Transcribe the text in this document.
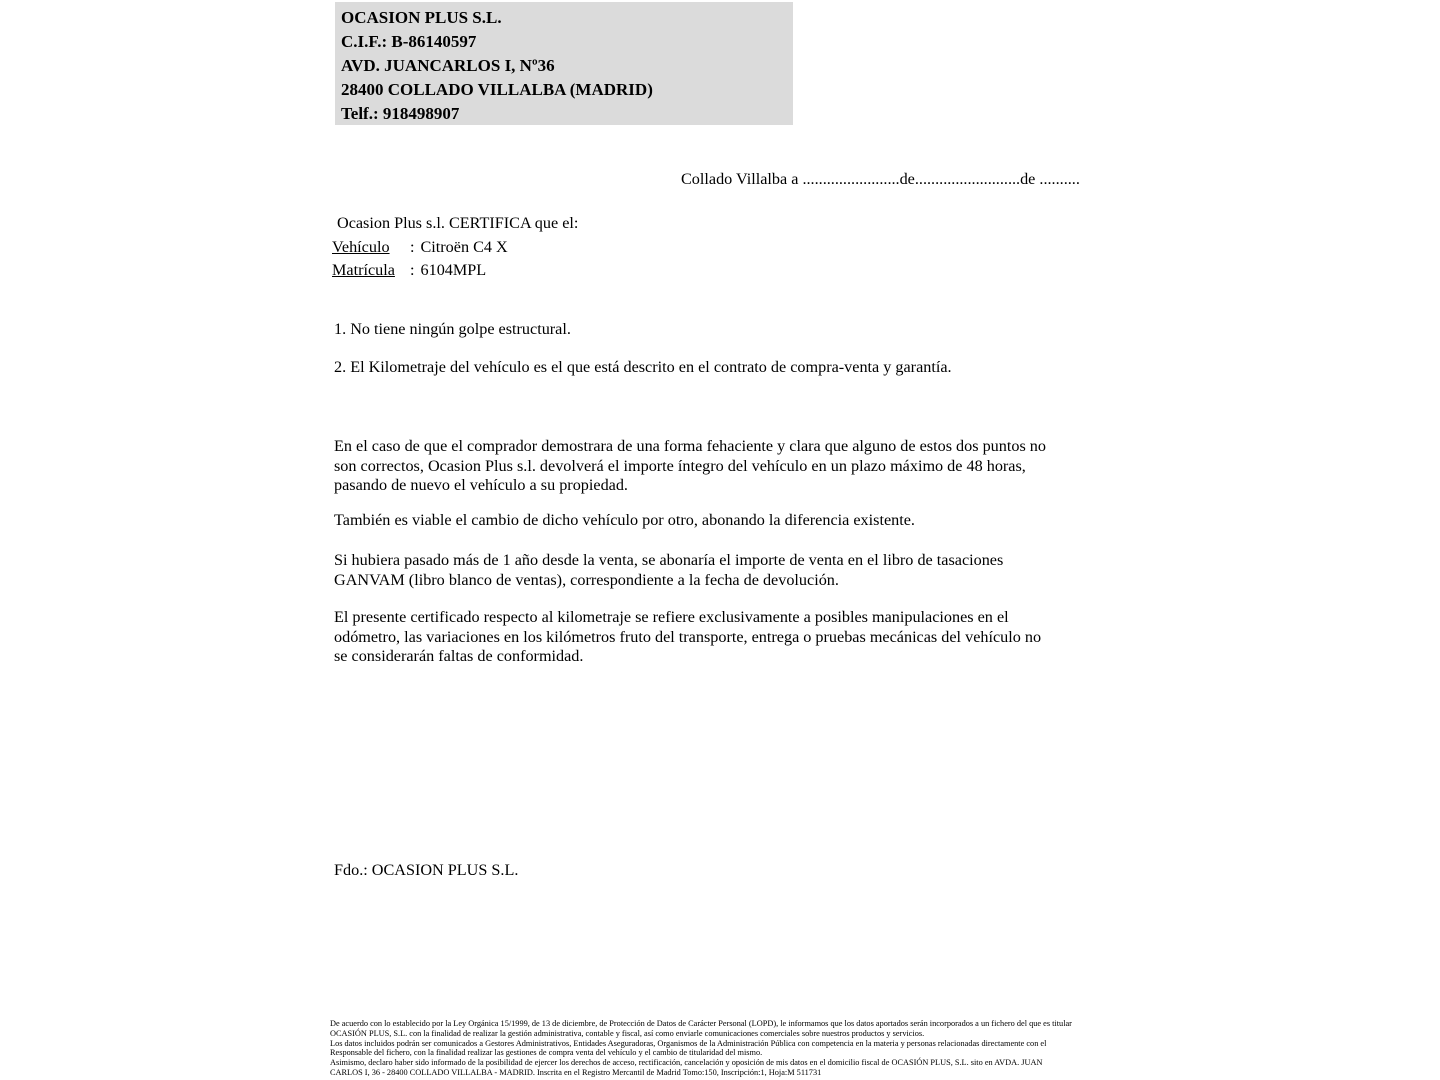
OCASION PLUS S.L.
C.I.F.: B-86140597
AVD. JUANCARLOS I, Nº36
28400 COLLADO VILLALBA (MADRID)
Telf.: 918498907
Collado Villalba a ........................de..........................de ..........
Ocasion Plus s.l. CERTIFICA que el:
Vehículo : Citroën C4 X
Matrícula : 6104MPL
1. No tiene ningún golpe estructural.
2. El Kilometraje del vehículo es el que está descrito en el contrato de compra-venta y garantía.
En el caso de que el comprador demostrara de una forma fehaciente y clara que alguno de estos dos puntos no
son correctos, Ocasion Plus s.l. devolverá el importe íntegro del vehículo en un plazo máximo de 48 horas,
pasando de nuevo el vehículo a su propiedad.
También es viable el cambio de dicho vehículo por otro, abonando la diferencia existente.
Si hubiera pasado más de 1 año desde la venta, se abonaría el importe de venta en el libro de tasaciones
GANVAM (libro blanco de ventas), correspondiente a la fecha de devolución.
El presente certificado respecto al kilometraje se refiere exclusivamente a posibles manipulaciones en el
odómetro, las variaciones en los kilómetros fruto del transporte, entrega o pruebas mecánicas del vehículo no
se considerarán faltas de conformidad.
Fdo.: OCASION PLUS S.L.
De acuerdo con lo establecido por la Ley Orgánica 15/1999, de 13 de diciembre, de Protección de Datos de Carácter Personal (LOPD), le informamos que los datos aportados serán incorporados a un fichero del que es titular
OCASIÓN PLUS, S.L. con la finalidad de realizar la gestión administrativa, contable y fiscal, así como enviarle comunicaciones comerciales sobre nuestros productos y servicios.
Los datos incluidos podrán ser comunicados a Gestores Administrativos, Entidades Aseguradoras, Organismos de la Administración Pública con competencia en la materia y personas relacionadas directamente con el
Responsable del fichero, con la finalidad realizar las gestiones de compra venta del vehículo y el cambio de titularidad del mismo.
Asimismo, declaro haber sido informado de la posibilidad de ejercer los derechos de acceso, rectificación, cancelación y oposición de mis datos en el domicilio fiscal de OCASIÓN PLUS, S.L. sito en AVDA. JUAN
CARLOS I, 36 - 28400 COLLADO VILLALBA - MADRID. Inscrita en el Registro Mercantil de Madrid Tomo:150, Inscripción:1, Hoja:M 511731
